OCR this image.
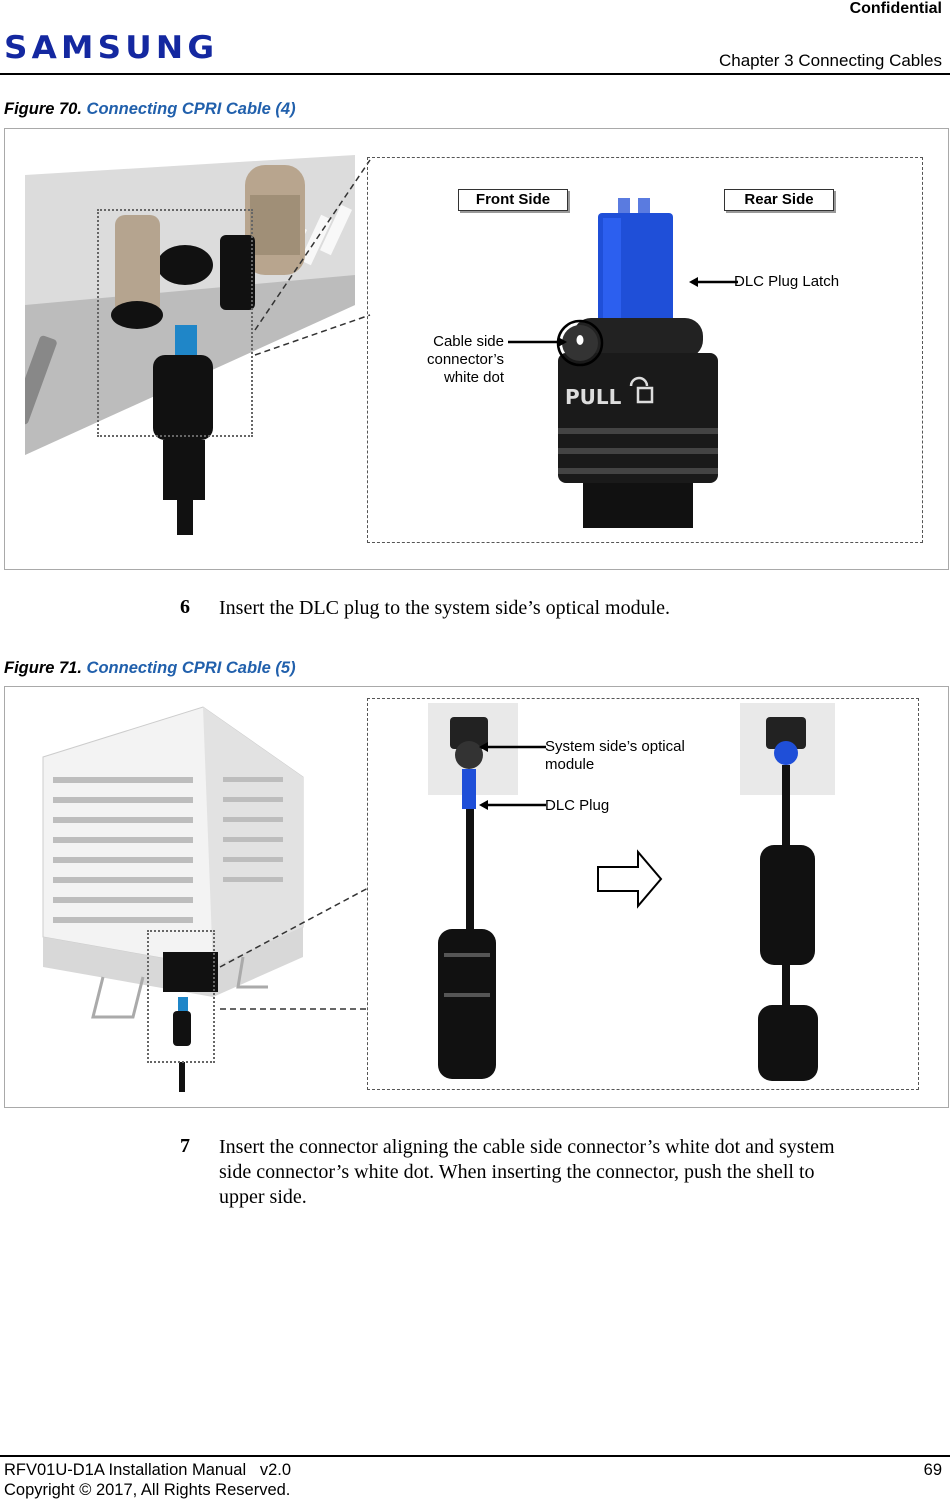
Confidential
SAMSUNG	Chapter 3 Connecting Cables
Figure 70. Connecting CPRI Cable (4)
Front Side	Rear Side
PULL
DLC Plug Latch
Cable side
connector’s
white dot
6 Insert the DLC plug to the system side’s optical module.
Figure 71. Connecting CPRI Cable (5)
System side’s optical
module
DLC Plug
7 Insert the connector aligning the cable side connector’s white dot and system
side connector’s white dot. When inserting the connector, push the shell to
upper side.
RFV01U-D1A Installation Manual   v2.0	69
Copyright © 2017, All Rights Reserved.
